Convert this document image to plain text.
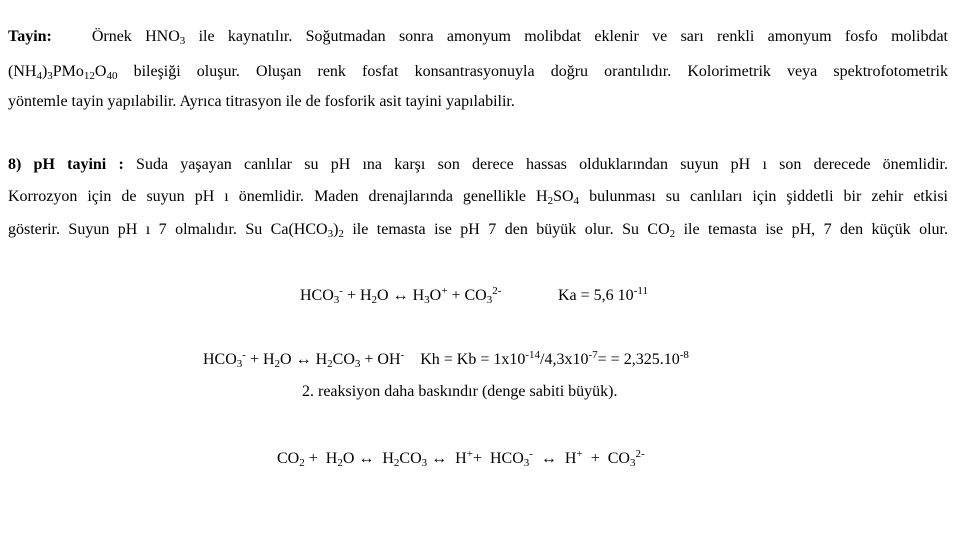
Tayin: Örnek $HNO_3$ ile kaynatılır. Soğutmadan sonra amonyum molibdat eklenir ve sarı renkli amonyum fosfo molibdat
$(NH_4)_3PMo_{12}O_{40}$ bileşiği oluşur. Oluşan renk fosfat konsantrasyonuyla doğru orantılıdır. Kolorimetrik veya spektrofotometrik
yöntemle tayin yapılabilir. Ayrıca titrasyon ile de fosforik asit tayini yapılabilir.
8) pH tayini : Suda yaşayan canlılar su pH ına karşı son derece hassas olduklarından suyun pH ı son derecede önemlidir.
Korrozyon için de suyun pH ı önemlidir. Maden drenajlarında genellikle $H_2SO_4$ bulunması su canlıları için şiddetli bir zehir etkisi
gösterir. Suyun pH ı 7 olmalıdır. Su $Ca(HCO_3)_2$ ile temasta ise pH 7 den büyük olur. Su $CO_2$ ile temasta ise pH, 7 den küçük olur.
$HCO_3^- + H_2O$ ↔ $H_3O^+ + CO_3^{2-}$	Ka = 5,6 $10^{-11}$
$HCO_3^- + H_2O$ ↔ $H_2CO_3 + OH^-$    $Kh = Kb = 1x10^{-14}/4,3x10^{-7}= = 2,325.10^{-8}$
2. reaksiyon daha baskındır (denge sabiti büyük).
$CO_2 + H_2O$ ↔  $H_2CO_3$ ↔  $H^++ HCO_3^-$  ↔  $H^+ + CO_3^{2-}$
